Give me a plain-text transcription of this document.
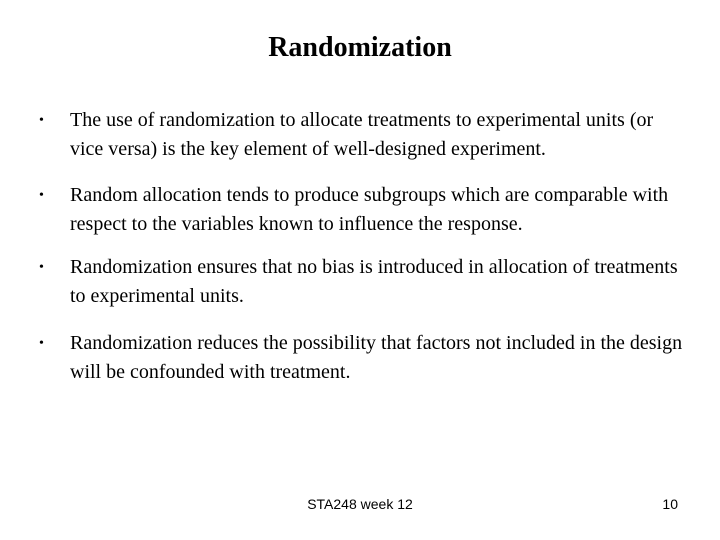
Randomization
• The use of randomization to allocate treatments to experimental units (or vice versa) is the key element of well-designed experiment.
• Random allocation tends to produce subgroups which are comparable with respect to the variables known to influence the response.
• Randomization ensures that no bias is introduced in allocation of treatments to experimental units.
• Randomization reduces the possibility that factors not included in the design will be confounded with treatment.
STA248 week 12	10
